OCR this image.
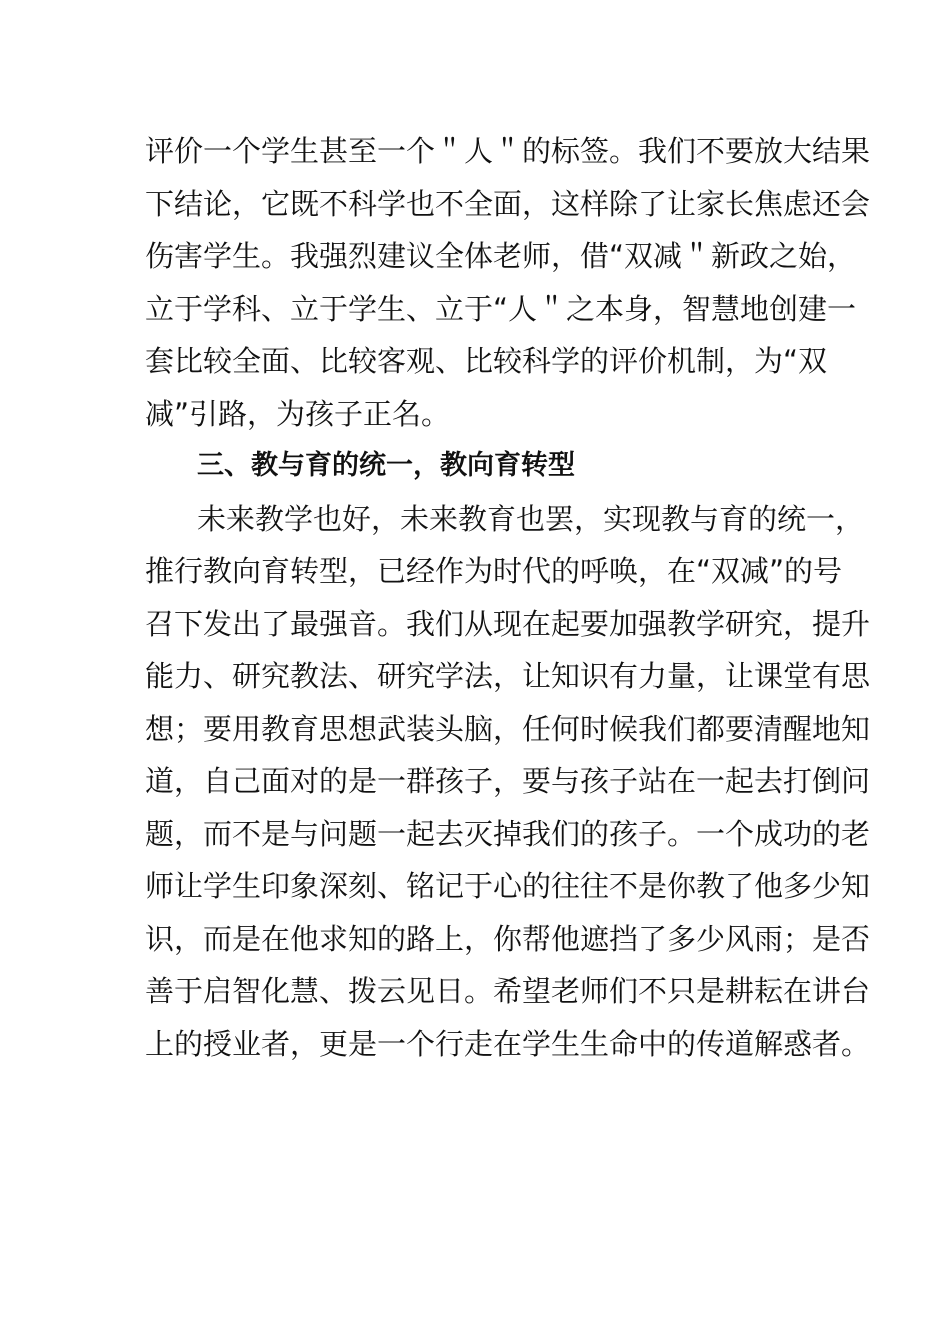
评价一个学生甚至一个＂人＂的标签。我们不要放大结果
下结论，它既不科学也不全面，这样除了让家长焦虑还会
伤害学生。我强烈建议全体老师，借“双减＂新政之始，
立于学科、立于学生、立于“人＂之本身，智慧地创建一
套比较全面、比较客观、比较科学的评价机制，为“双
减”引路，为孩子正名。
三、教与育的统一，教向育转型
未来教学也好，未来教育也罢，实现教与育的统一，
推行教向育转型，已经作为时代的呼唤，在“双减”的号
召下发出了最强音。我们从现在起要加强教学研究，提升
能力、研究教法、研究学法，让知识有力量，让课堂有思
想；要用教育思想武装头脑，任何时候我们都要清醒地知
道，自己面对的是一群孩子，要与孩子站在一起去打倒问
题，而不是与问题一起去灭掉我们的孩子。一个成功的老
师让学生印象深刻、铭记于心的往往不是你教了他多少知
识，而是在他求知的路上，你帮他遮挡了多少风雨；是否
善于启智化慧、拨云见日。希望老师们不只是耕耘在讲台
上的授业者，更是一个行走在学生生命中的传道解惑者。
